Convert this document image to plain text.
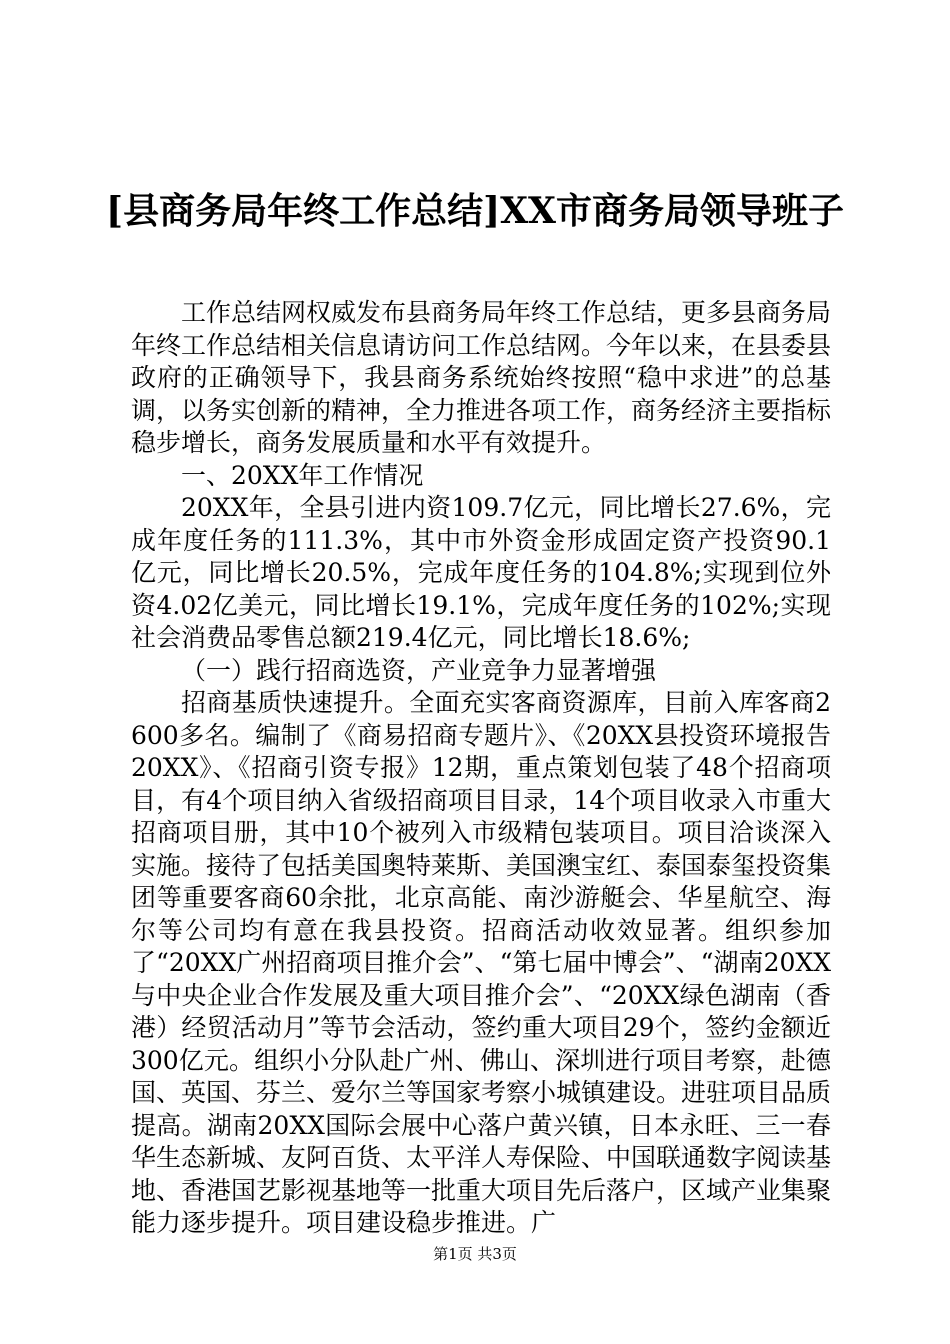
[县商务局年终工作总结]XX市商务局领导班子

工作总结网权威发布县商务局年终工作总结，更多县商务局年终工作总结相关信息请访问工作总结网。今年以来，在县委县政府的正确领导下，我县商务系统始终按照“稳中求进”的总基调，以务实创新的精神，全力推进各项工作，商务经济主要指标稳步增长，商务发展质量和水平有效提升。

一、20XX年工作情况

20XX年，全县引进内资109.7亿元，同比增长27.6%，完成年度任务的111.3%，其中市外资金形成固定资产投资90.1亿元，同比增长20.5%，完成年度任务的104.8%;实现到位外资4.02亿美元，同比增长19.1%，完成年度任务的102%;实现社会消费品零售总额219.4亿元，同比增长18.6%;

（一）践行招商选资，产业竞争力显著增强

招商基质快速提升。全面充实客商资源库，目前入库客商2600多名。编制了《商易招商专题片》、《20XX县投资环境报告20XX》、《招商引资专报》12期，重点策划包装了48个招商项目，有4个项目纳入省级招商项目目录，14个项目收录入市重大招商项目册，其中10个被列入市级精包装项目。项目洽谈深入实施。接待了包括美国奥特莱斯、美国澳宝红、泰国泰玺投资集团等重要客商60余批，北京高能、南沙游艇会、华星航空、海尔等公司均有意在我县投资。招商活动收效显著。组织参加了“20XX广州招商项目推介会”、“第七届中博会”、“湖南20XX与中央企业合作发展及重大项目推介会”、“20XX绿色湖南（香港）经贸活动月”等节会活动，签约重大项目29个，签约金额近300亿元。组织小分队赴广州、佛山、深圳进行项目考察，赴德国、英国、芬兰、爱尔兰等国家考察小城镇建设。进驻项目品质提高。湖南20XX国际会展中心落户黄兴镇，日本永旺、三一春华生态新城、友阿百货、太平洋人寿保险、中国联通数字阅读基地、香港国艺影视基地等一批重大项目先后落户，区域产业集聚能力逐步提升。项目建设稳步推进。广

第1页 共3页
